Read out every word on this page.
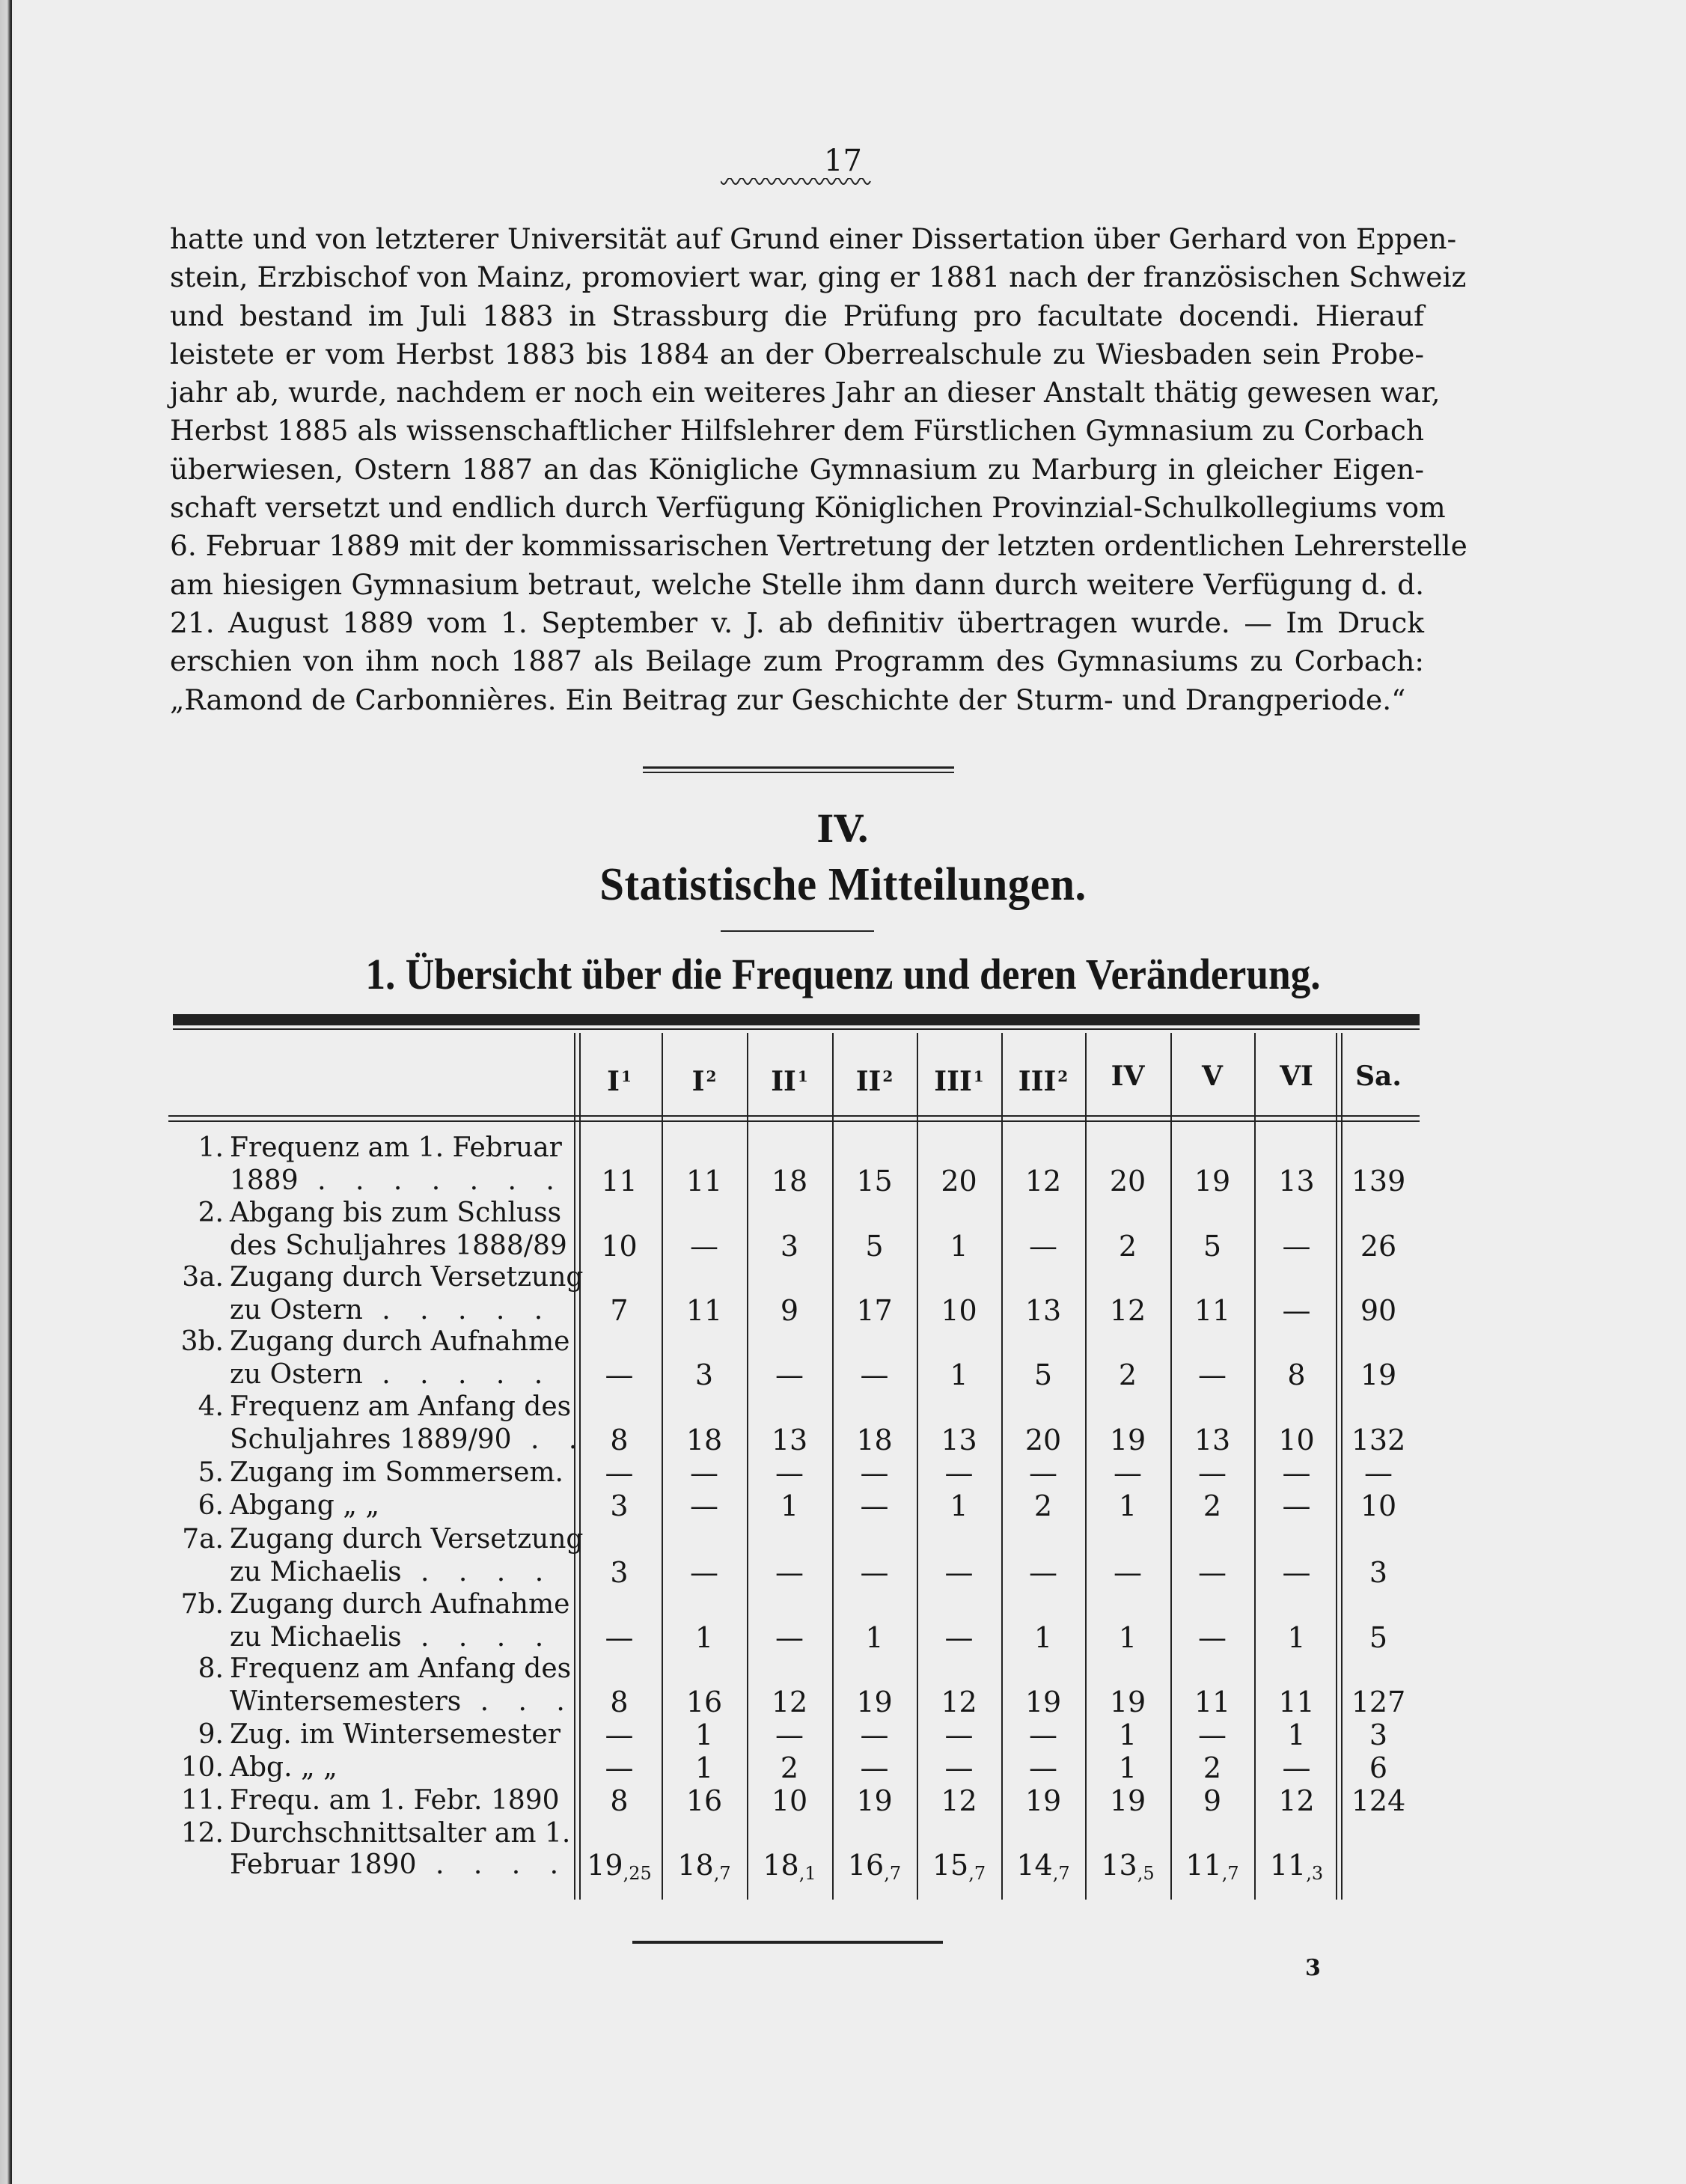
17
hatte und von letzterer Universität auf Grund einer Dissertation über Gerhard von Eppen-
stein, Erzbischof von Mainz, promoviert war, ging er 1881 nach der französischen Schweiz
und bestand im Juli 1883 in Strassburg die Prüfung pro facultate docendi. Hierauf
leistete er vom Herbst 1883 bis 1884 an der Oberrealschule zu Wiesbaden sein Probe-
jahr ab, wurde, nachdem er noch ein weiteres Jahr an dieser Anstalt thätig gewesen war,
Herbst 1885 als wissenschaftlicher Hilfslehrer dem Fürstlichen Gymnasium zu Corbach
überwiesen, Ostern 1887 an das Königliche Gymnasium zu Marburg in gleicher Eigen-
schaft versetzt und endlich durch Verfügung Königlichen Provinzial-Schulkollegiums vom
6. Februar 1889 mit der kommissarischen Vertretung der letzten ordentlichen Lehrerstelle
am hiesigen Gymnasium betraut, welche Stelle ihm dann durch weitere Verfügung d. d.
21. August 1889 vom 1. September v. J. ab definitiv übertragen wurde. — Im Druck
erschien von ihm noch 1887 als Beilage zum Programm des Gymnasiums zu Corbach:
„Ramond de Carbonnières. Ein Beitrag zur Geschichte der Sturm- und Drangperiode.“
IV.
Statistische Mitteilungen.
1. Übersicht über die Frequenz und deren Veränderung.
I $^1$	I $^2$	II $^1$	II $^2$	III $^1$	III $^2$	IV	V	VI	Sa.
1. Frequenz am 1. Februar
1889 . . . . . . .	11	11	18	15	20	12	20	19	13	139
2. Abgang bis zum Schluss
des Schuljahres 1888/89	10	—	3	5	1	—	2	5	—	26
3a. Zugang durch Versetzung
zu Ostern . . . . .	7	11	9	17	10	13	12	11	—	90
3b. Zugang durch Aufnahme
zu Ostern . . . . .	—	3	—	—	1	5	2	—	8	19
4. Frequenz am Anfang des
Schuljahres 1889/90 . . 8	18	13	18	13	20	19	13	10	132
5. Zugang im Sommersem.	—	—	—	—	—	—	—	—	—	—
6. Abgang „ „	3	—	1	—	1	2	1	2	—	10
7a. Zugang durch Versetzung
zu Michaelis . . . .	3	—	—	—	—	—	—	—	—	3
7b. Zugang durch Aufnahme
zu Michaelis . . . .	—	1	—	1	—	1	1	—	1	5
8. Frequenz am Anfang des
Wintersemesters . . .	8	16	12	19	12	19	19	11	11	127
9. Zug. im Wintersemester	—	1	—	—	—	—	1	—	1	3
10. Abg. „ „	—	1	2	—	—	—	1	2	—	6
11. Frequ. am 1. Febr. 1890	8	16	10	19	12	19	19	9	12	124
12. Durchschnittsalter am 1.
Februar 1890 . . . . $19_{,25}$ $18_{,7}$	$18_{,1}$	$16_{,7}$	$15_{,7}$	$14_{,7}$	$13_{,5}$	$11_{,7}$	$11_{,3}$
3
